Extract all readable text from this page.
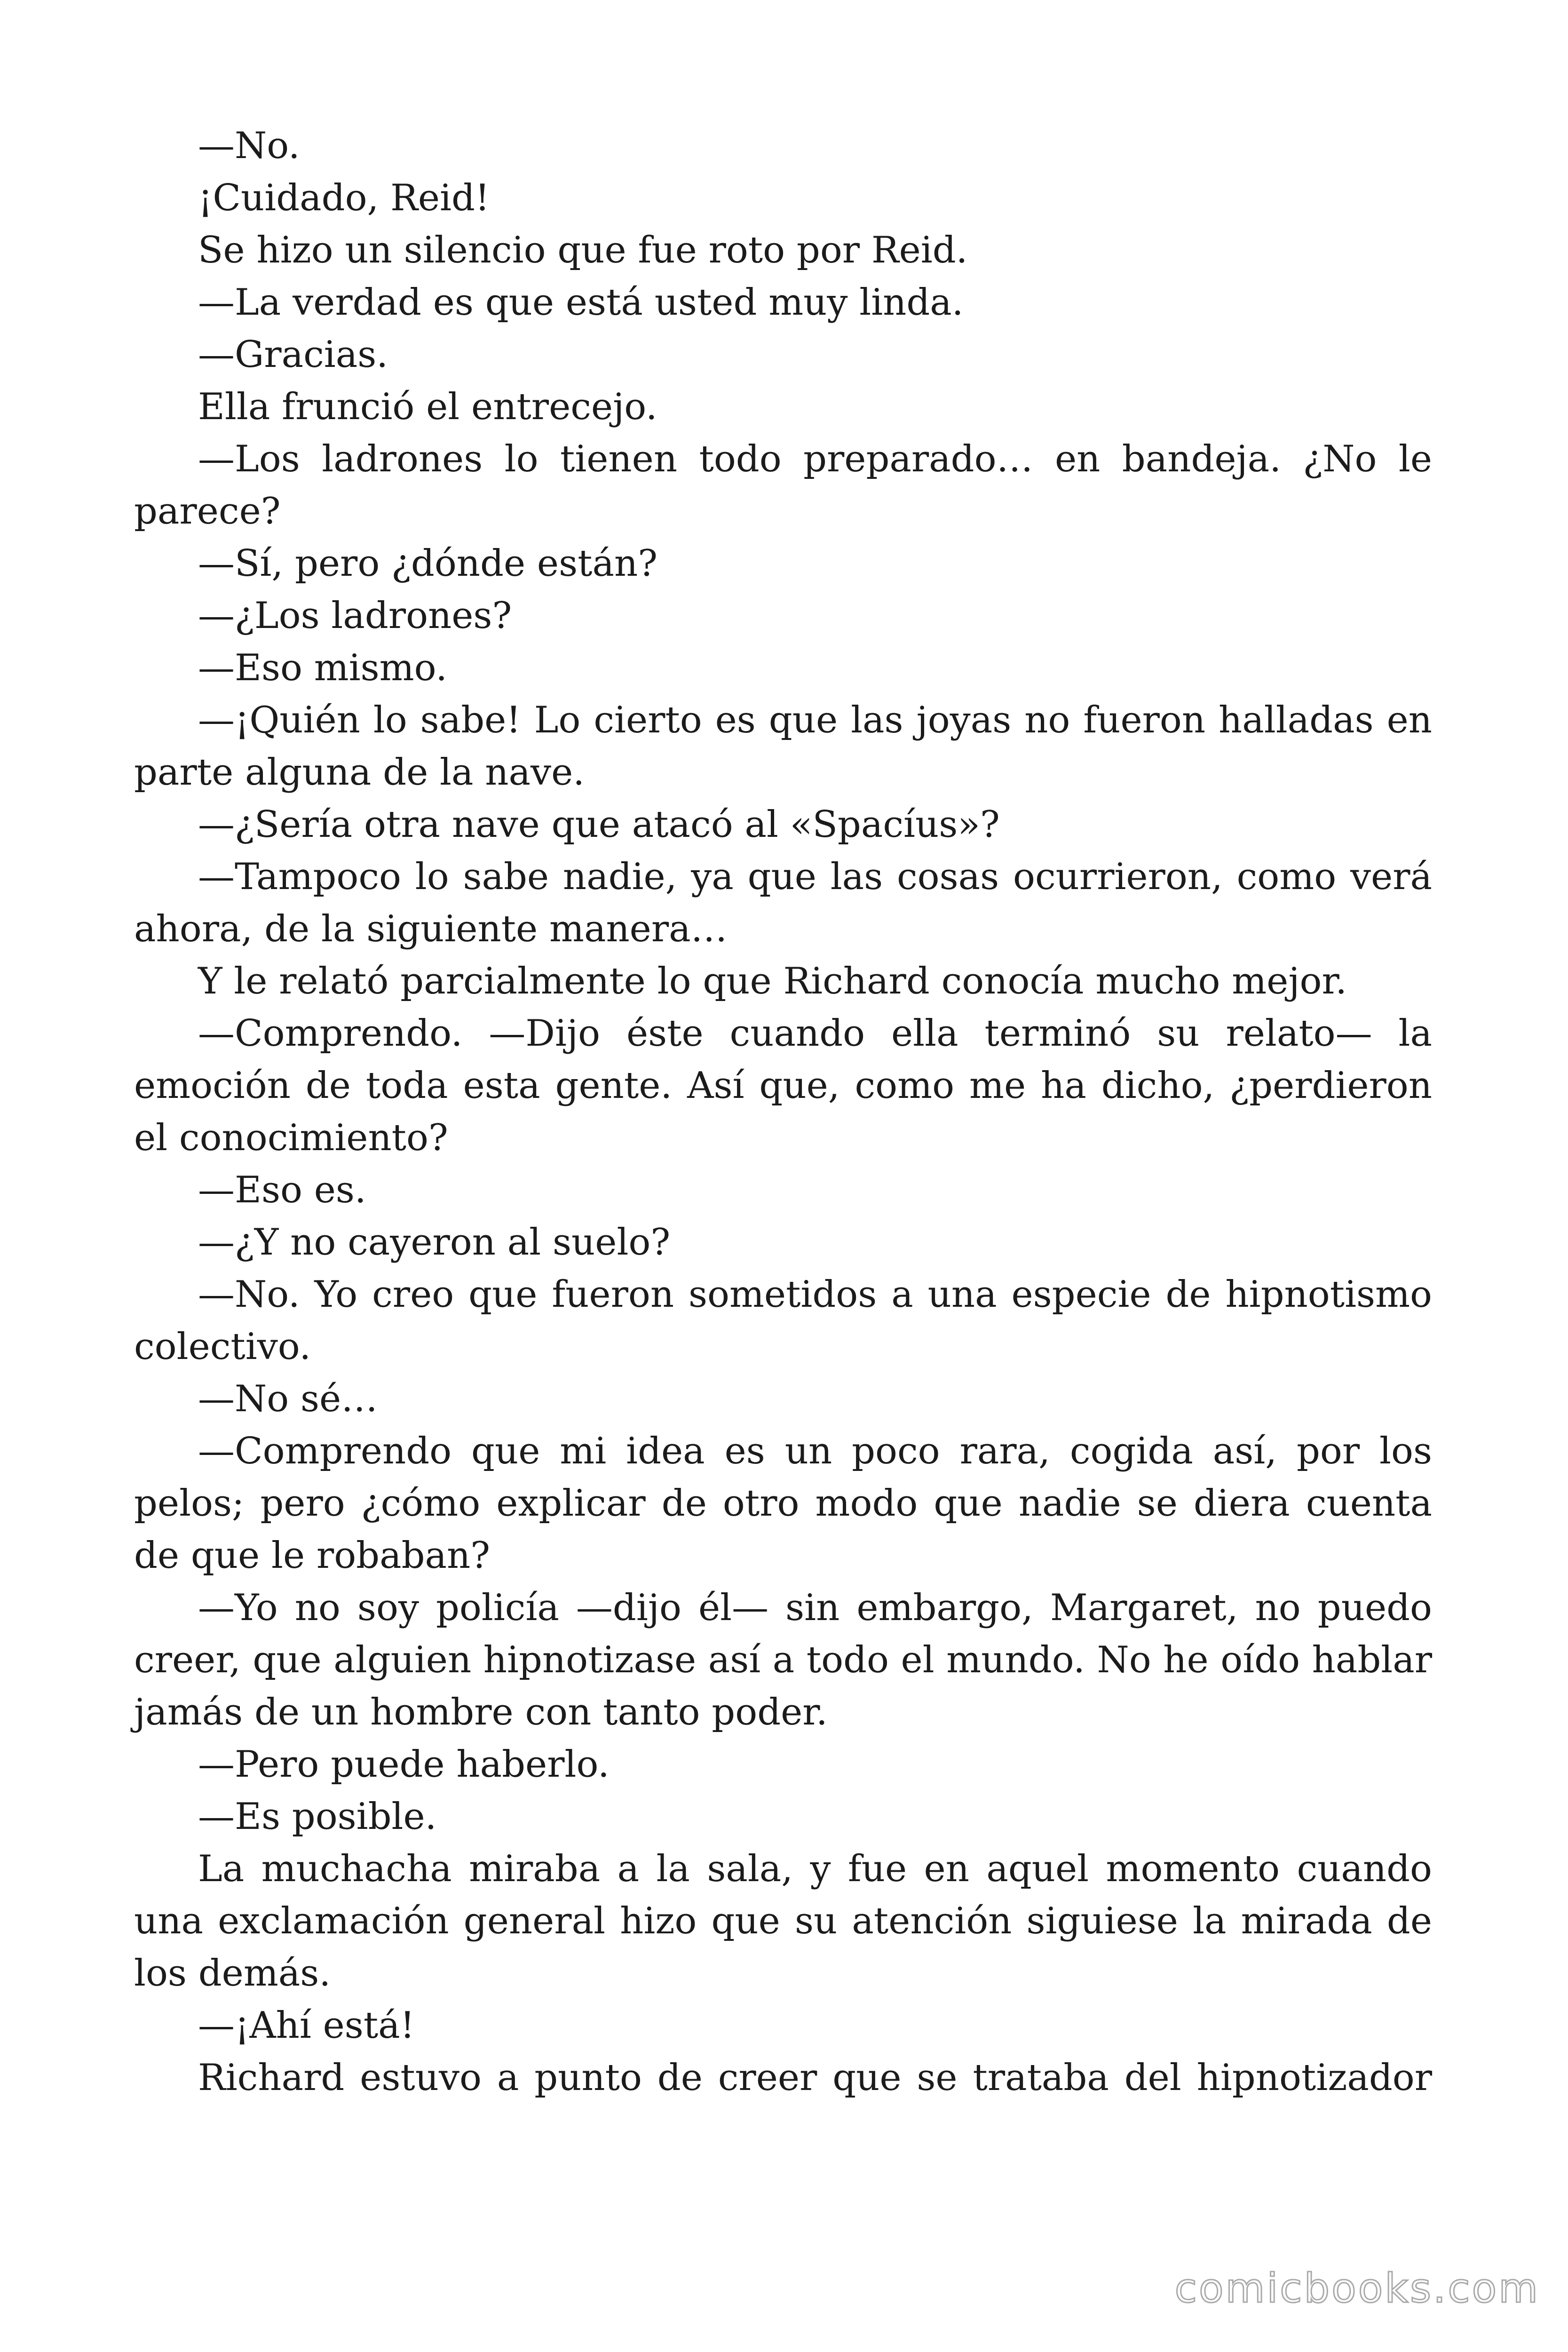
—No.

¡Cuidado, Reid!

Se hizo un silencio que fue roto por Reid.

—La verdad es que está usted muy linda.

—Gracias.

Ella frunció el entrecejo.

—Los ladrones lo tienen todo preparado… en bandeja. ¿No le parece?

—Sí, pero ¿dónde están?

—¿Los ladrones?

—Eso mismo.

—¡Quién lo sabe! Lo cierto es que las joyas no fueron halladas en parte alguna de la nave.

—¿Sería otra nave que atacó al «Spacíus»?

—Tampoco lo sabe nadie, ya que las cosas ocurrieron, como verá ahora, de la siguiente manera…

Y le relató parcialmente lo que Richard conocía mucho mejor.

—Comprendo. —Dijo éste cuando ella terminó su relato— la emoción de toda esta gente. Así que, como me ha dicho, ¿perdieron el conocimiento?

—Eso es.

—¿Y no cayeron al suelo?

—No. Yo creo que fueron sometidos a una especie de hipnotismo colectivo.

—No sé…

—Comprendo que mi idea es un poco rara, cogida así, por los pelos; pero ¿cómo explicar de otro modo que nadie se diera cuenta de que le robaban?

—Yo no soy policía —dijo él— sin embargo, Margaret, no puedo creer, que alguien hipnotizase así a todo el mundo. No he oído hablar jamás de un hombre con tanto poder.

—Pero puede haberlo.

—Es posible.

La muchacha miraba a la sala, y fue en aquel momento cuando una exclamación general hizo que su atención siguiese la mirada de los demás.

—¡Ahí está!

Richard estuvo a punto de creer que se trataba del hipnotizador

comicbooks.com
